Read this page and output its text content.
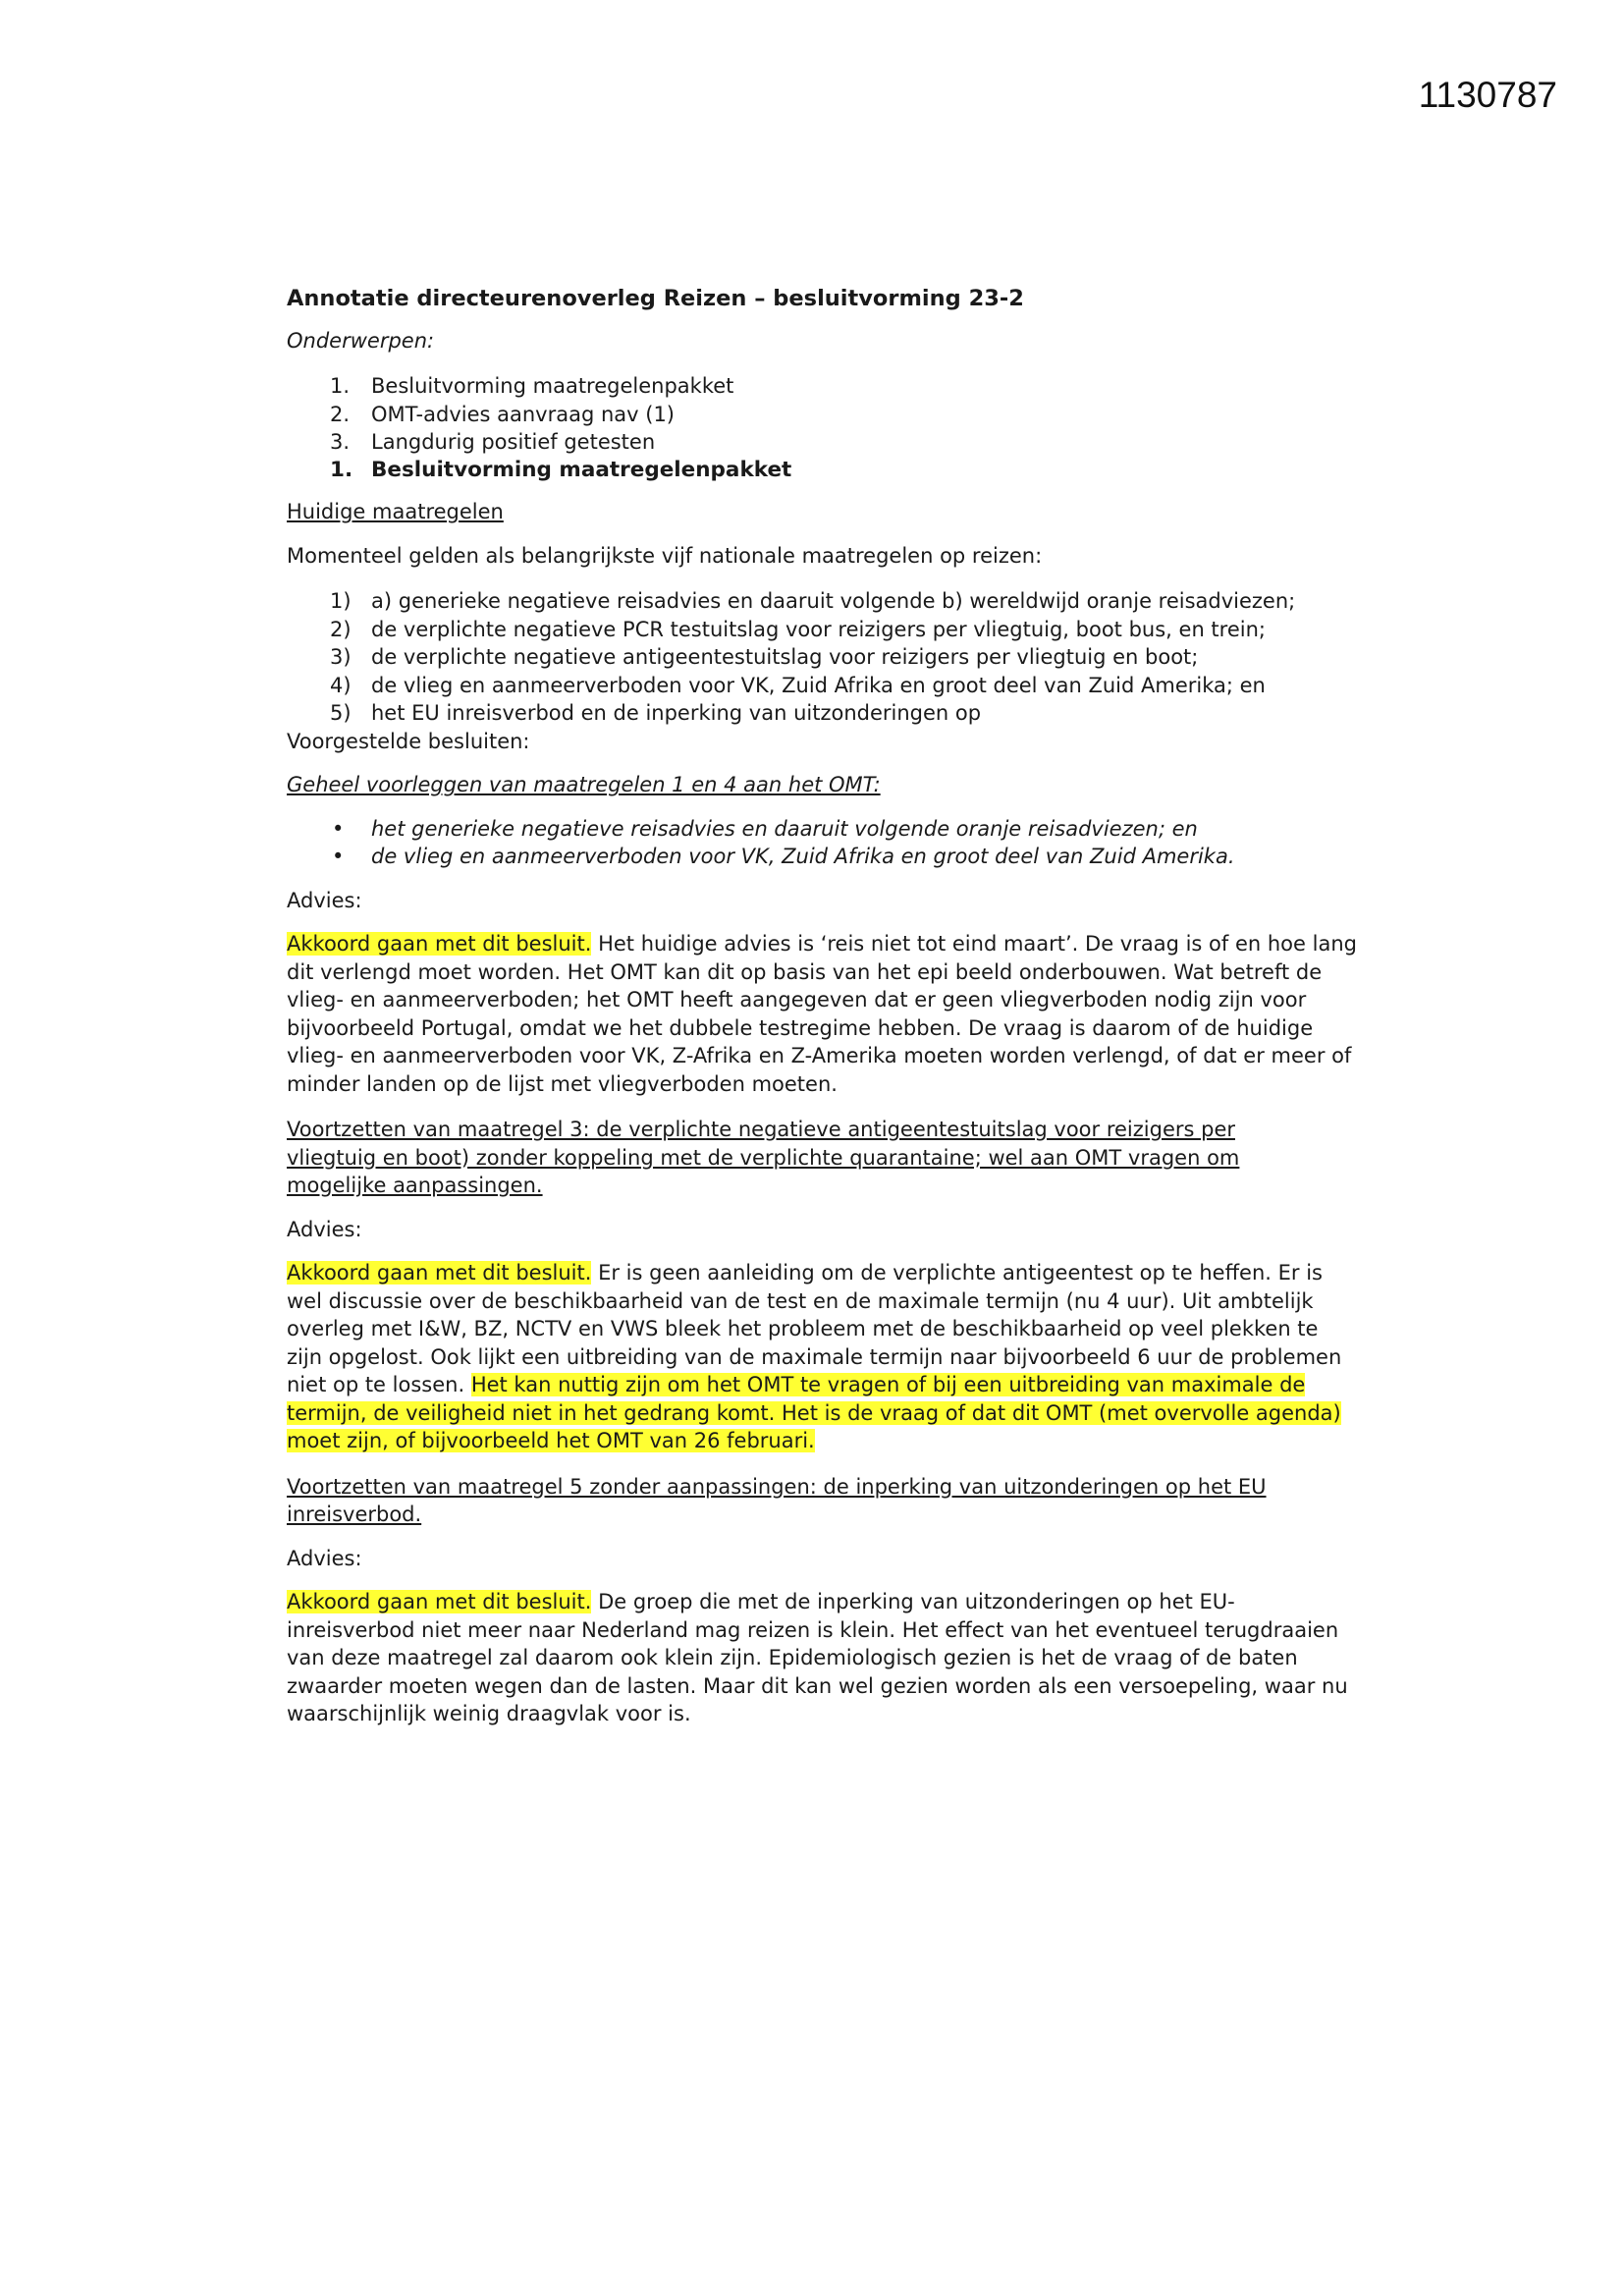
1130787
Annotatie directeurenoverleg Reizen – besluitvorming 23-2
Onderwerpen:
1. Besluitvorming maatregelenpakket
2. OMT-advies aanvraag nav (1)
3. Langdurig positief getesten
1. Besluitvorming maatregelenpakket

Huidige maatregelen

Momenteel gelden als belangrijkste vijf nationale maatregelen op reizen:

1) a) generieke negatieve reisadvies en daaruit volgende b) wereldwijd oranje reisadviezen;
2) de verplichte negatieve PCR testuitslag voor reizigers per vliegtuig, boot bus, en trein;
3) de verplichte negatieve antigeentestuitslag voor reizigers per vliegtuig en boot;
4) de vlieg en aanmeerverboden voor VK, Zuid Afrika en groot deel van Zuid Amerika; en
5) het EU inreisverbod en de inperking van uitzonderingen op

Voorgestelde besluiten:

Geheel voorleggen van maatregelen 1 en 4 aan het OMT:

• het generieke negatieve reisadvies en daaruit volgende oranje reisadviezen; en
• de vlieg en aanmeerverboden voor VK, Zuid Afrika en groot deel van Zuid Amerika.

Advies:

Akkoord gaan met dit besluit. Het huidige advies is ‘reis niet tot eind maart’. De vraag is of en hoe lang dit verlengd moet worden. Het OMT kan dit op basis van het epi beeld onderbouwen. Wat betreft de vlieg- en aanmeerverboden; het OMT heeft aangegeven dat er geen vliegverboden nodig zijn voor bijvoorbeeld Portugal, omdat we het dubbele testregime hebben. De vraag is daarom of de huidige vlieg- en aanmeerverboden voor VK, Z-Afrika en Z-Amerika moeten worden verlengd, of dat er meer of minder landen op de lijst met vliegverboden moeten.

Voortzetten van maatregel 3: de verplichte negatieve antigeentestuitslag voor reizigers per vliegtuig en boot) zonder koppeling met de verplichte quarantaine; wel aan OMT vragen om mogelijke aanpassingen.

Advies:

Akkoord gaan met dit besluit. Er is geen aanleiding om de verplichte antigeentest op te heffen. Er is wel discussie over de beschikbaarheid van de test en de maximale termijn (nu 4 uur). Uit ambtelijk overleg met I&W, BZ, NCTV en VWS bleek het probleem met de beschikbaarheid op veel plekken te zijn opgelost. Ook lijkt een uitbreiding van de maximale termijn naar bijvoorbeeld 6 uur de problemen niet op te lossen. Het kan nuttig zijn om het OMT te vragen of bij een uitbreiding van maximale de termijn, de veiligheid niet in het gedrang komt. Het is de vraag of dat dit OMT (met overvolle agenda) moet zijn, of bijvoorbeeld het OMT van 26 februari.

Voortzetten van maatregel 5 zonder aanpassingen: de inperking van uitzonderingen op het EU inreisverbod.

Advies:

Akkoord gaan met dit besluit. De groep die met de inperking van uitzonderingen op het EU-inreisverbod niet meer naar Nederland mag reizen is klein. Het effect van het eventueel terugdraaien van deze maatregel zal daarom ook klein zijn. Epidemiologisch gezien is het de vraag of de baten zwaarder moeten wegen dan de lasten. Maar dit kan wel gezien worden als een versoepeling, waar nu waarschijnlijk weinig draagvlak voor is.
